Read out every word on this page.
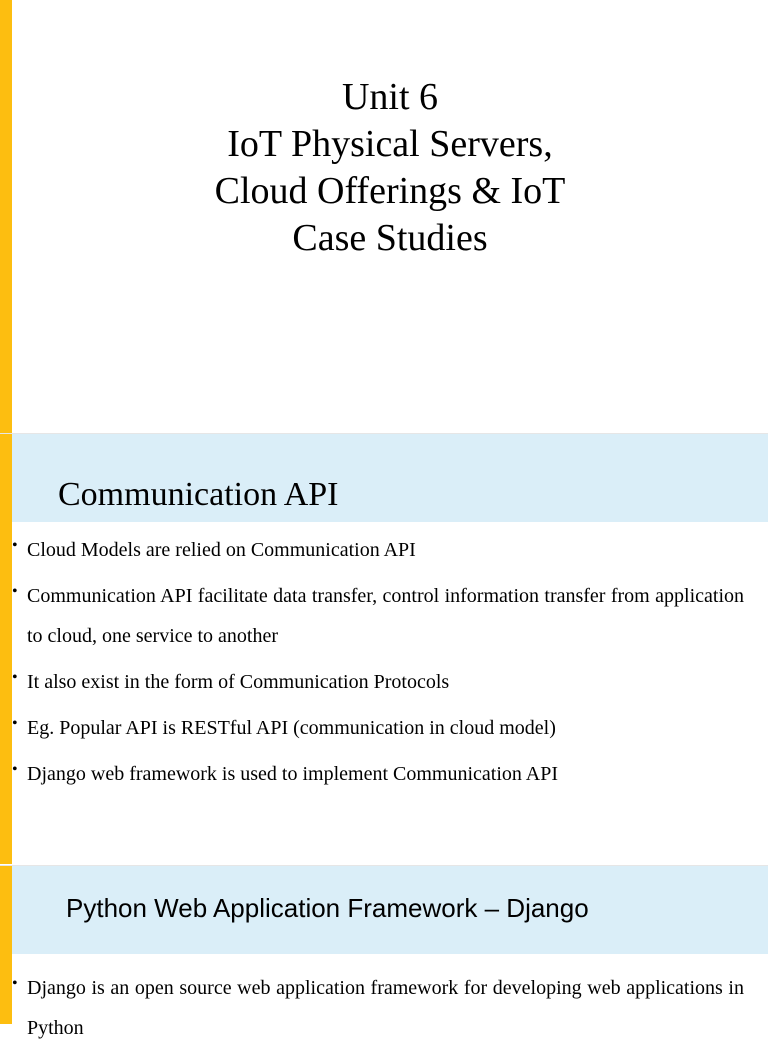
Unit 6
IoT Physical Servers,
Cloud Offerings & IoT
Case Studies
Communication API
• Cloud Models are relied on Communication API
• Communication API facilitate data transfer, control information transfer from application to cloud, one service to another
• It also exist in the form of Communication Protocols
• Eg. Popular API is RESTful API (communication in cloud model)
• Django web framework is used to implement Communication API
Python Web Application Framework – Django
• Django is an open source web application framework for developing web applications in Python
